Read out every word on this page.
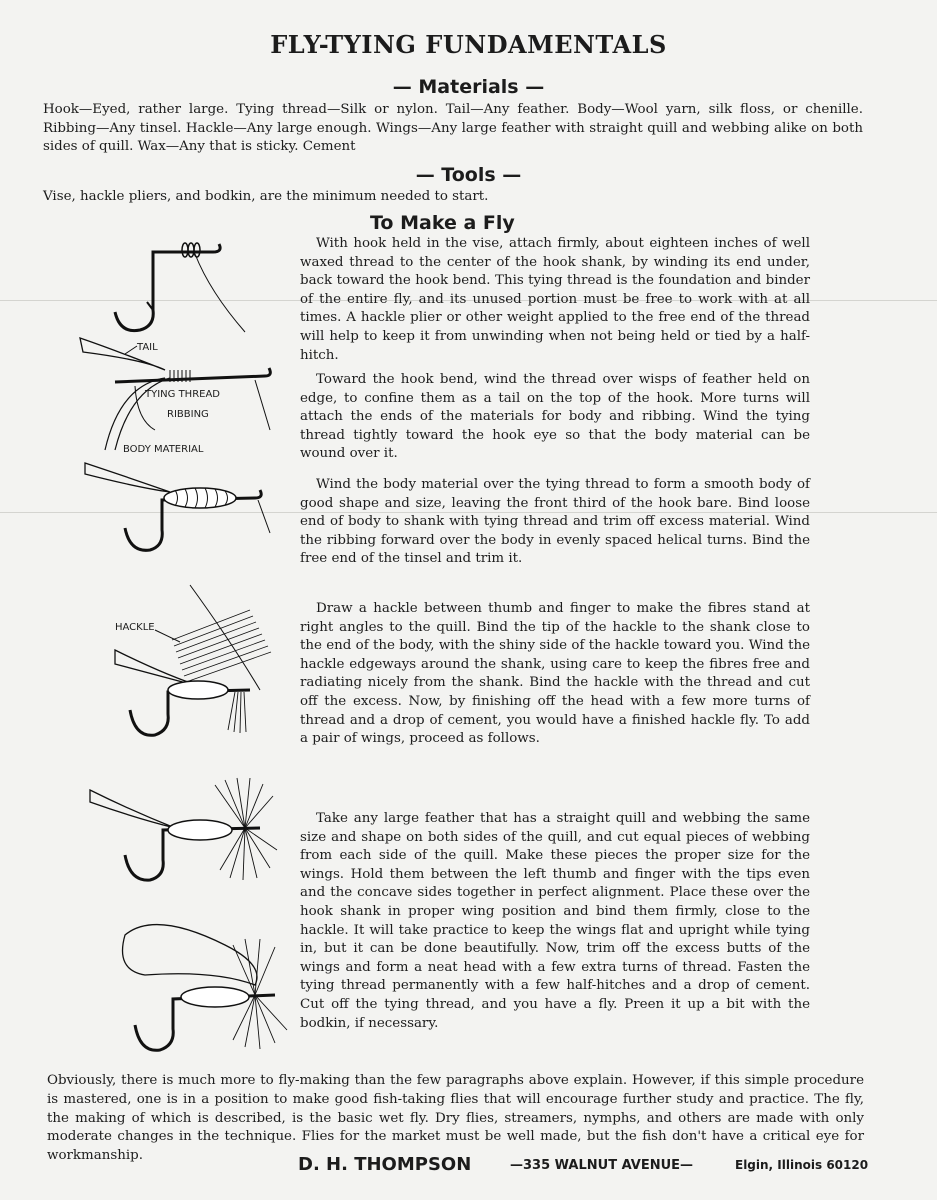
FLY-TYING FUNDAMENTALS
— Materials —
Hook—Eyed, rather large. Tying thread—Silk or nylon. Tail—Any feather. Body—Wool yarn, silk floss, or chenille. Ribbing—Any tinsel. Hackle—Any large enough. Wings—Any large feather with straight quill and webbing alike on both sides of quill. Wax—Any that is sticky. Cement
— Tools —
Vise, hackle pliers, and bodkin, are the minimum needed to start.
To Make a Fly
With hook held in the vise, attach firmly, about eighteen inches of well waxed thread to the center of the hook shank, by winding its end under, back toward the hook bend. This tying thread is the foundation and binder of the entire fly, and its unused portion must be free to work with at all times. A hackle plier or other weight applied to the free end of the thread will help to keep it from unwinding when not being held or tied by a half-hitch.
Toward the hook bend, wind the thread over wisps of feather held on edge, to confine them as a tail on the top of the hook. More turns will attach the ends of the materials for body and ribbing. Wind the tying thread tightly toward the hook eye so that the body material can be wound over it.
Wind the body material over the tying thread to form a smooth body of good shape and size, leaving the front third of the hook bare. Bind loose end of body to shank with tying thread and trim off excess material. Wind the ribbing forward over the body in evenly spaced helical turns. Bind the free end of the tinsel and trim it.
Draw a hackle between thumb and finger to make the fibres stand at right angles to the quill. Bind the tip of the hackle to the shank close to the end of the body, with the shiny side of the hackle toward you. Wind the hackle edgeways around the shank, using care to keep the fibres free and radiating nicely from the shank. Bind the hackle with the thread and cut off the excess. Now, by finishing off the head with a few more turns of thread and a drop of cement, you would have a finished hackle fly. To add a pair of wings, proceed as follows.
Take any large feather that has a straight quill and webbing the same size and shape on both sides of the quill, and cut equal pieces of webbing from each side of the quill. Make these pieces the proper size for the wings. Hold them between the left thumb and finger with the tips even and the concave sides together in perfect alignment. Place these over the hook shank in proper wing position and bind them firmly, close to the hackle. It will take practice to keep the wings flat and upright while tying in, but it can be done beautifully. Now, trim off the excess butts of the wings and form a neat head with a few extra turns of thread. Fasten the tying thread permanently with a few half-hitches and a drop of cement. Cut off the tying thread, and you have a fly. Preen it up a bit with the bodkin, if necessary.
Obviously, there is much more to fly-making than the few paragraphs above explain. However, if this simple procedure is mastered, one is in a position to make good fish-taking flies that will encourage further study and practice. The fly, the making of which is described, is the basic wet fly. Dry flies, streamers, nymphs, and others are made with only moderate changes in the technique. Flies for the market must be well made, but the fish don't have a critical eye for workmanship.
TAIL
TYING THREAD
RIBBING
BODY MATERIAL
HACKLE
D. H. THOMPSON	—335 WALNUT AVENUE—	Elgin, Illinois 60120
